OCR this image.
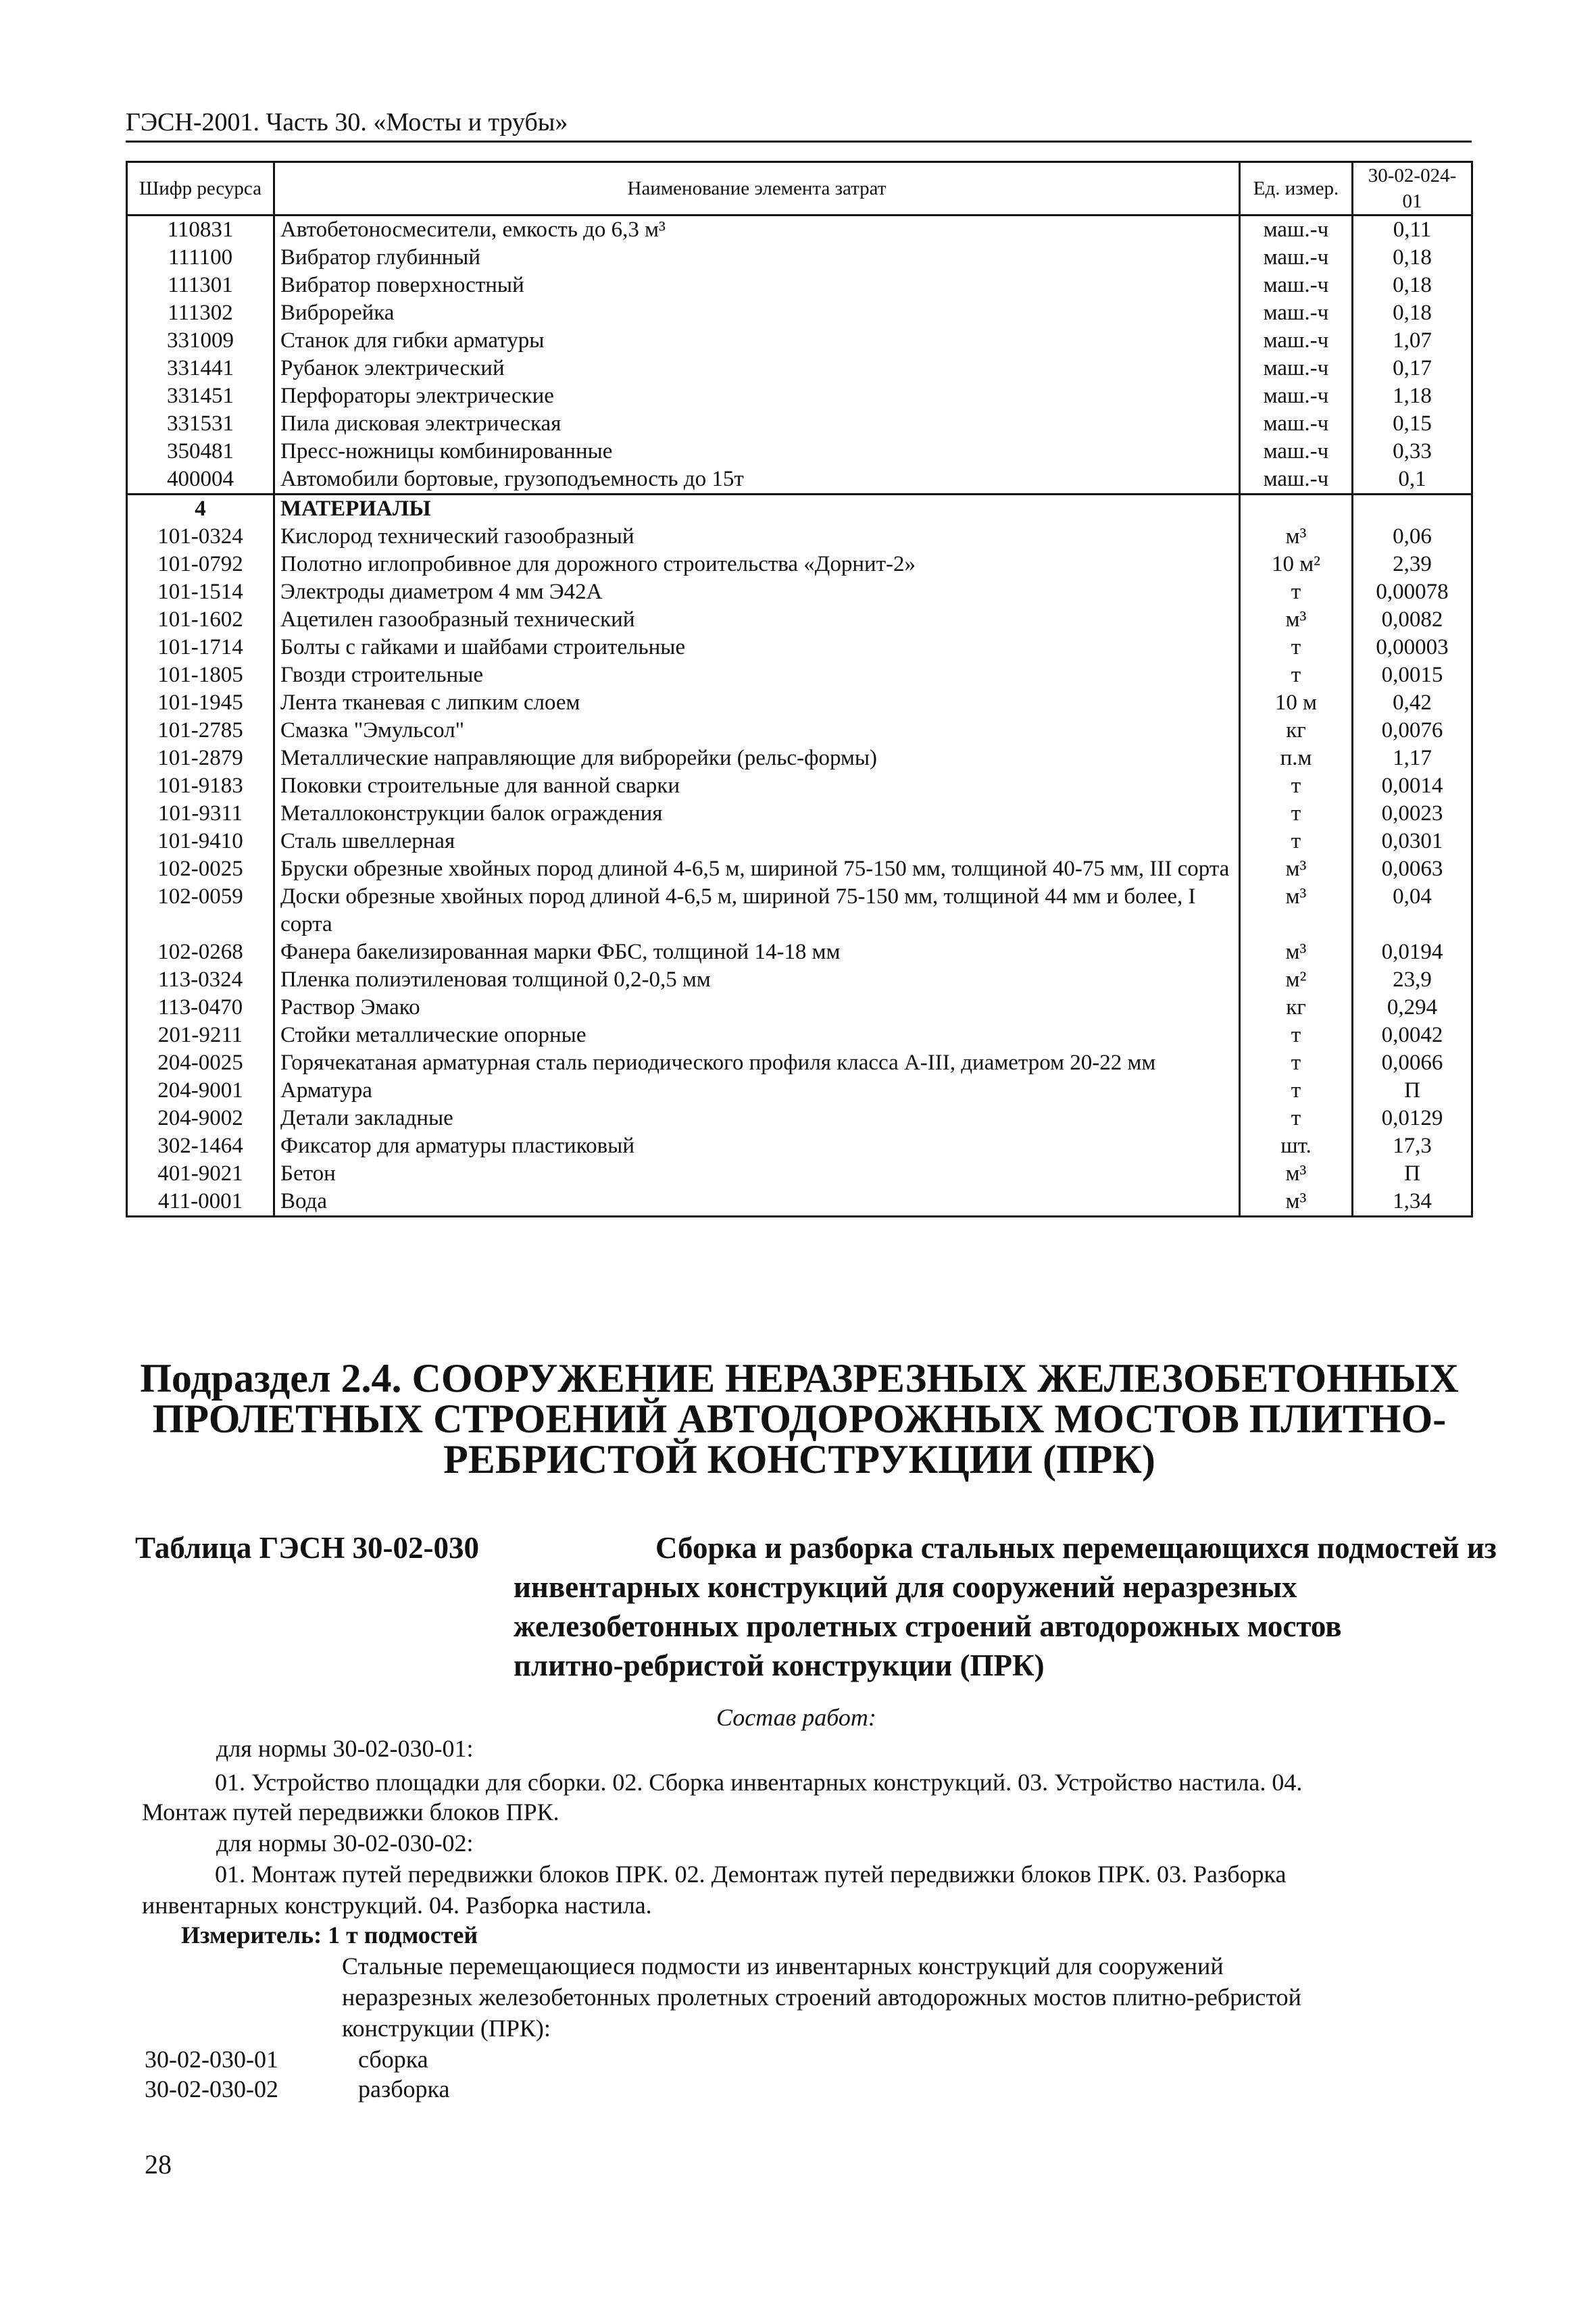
ГЭСН-2001. Часть 30. «Мосты и трубы»
Шифр ресурса	Наименование элемента затрат	Ед. измер.	30-02-024-01
110831	Автобетоносмесители, емкость до 6,3 м³	маш.-ч	0,11
111100	Вибратор глубинный	маш.-ч	0,18
111301	Вибратор поверхностный	маш.-ч	0,18
111302	Виброрейка	маш.-ч	0,18
331009	Станок для гибки арматуры	маш.-ч	1,07
331441	Рубанок электрический	маш.-ч	0,17
331451	Перфораторы электрические	маш.-ч	1,18
331531	Пила дисковая электрическая	маш.-ч	0,15
350481	Пресс-ножницы комбинированные	маш.-ч	0,33
400004	Автомобили бортовые, грузоподъемность до 15т	маш.-ч	0,1
4	МАТЕРИАЛЫ		
101-0324	Кислород технический газообразный	м³	0,06
101-0792	Полотно иглопробивное для дорожного строительства «Дорнит-2»	10 м²	2,39
101-1514	Электроды диаметром 4 мм Э42А	т	0,00078
101-1602	Ацетилен газообразный технический	м³	0,0082
101-1714	Болты с гайками и шайбами строительные	т	0,00003
101-1805	Гвозди строительные	т	0,0015
101-1945	Лента тканевая с липким слоем	10 м	0,42
101-2785	Смазка "Эмульсол"	кг	0,0076
101-2879	Металлические направляющие для виброрейки (рельс-формы)	п.м	1,17
101-9183	Поковки строительные для ванной сварки	т	0,0014
101-9311	Металлоконструкции балок ограждения	т	0,0023
101-9410	Сталь швеллерная	т	0,0301
102-0025	Бруски обрезные хвойных пород длиной 4-6,5 м, шириной 75-150 мм, толщиной 40-75 мм, III сорта	м³	0,0063
102-0059	Доски обрезные хвойных пород длиной 4-6,5 м, шириной 75-150 мм, толщиной 44 мм и более, I сорта	м³	0,04
102-0268	Фанера бакелизированная марки ФБС, толщиной 14-18 мм	м³	0,0194
113-0324	Пленка полиэтиленовая толщиной 0,2-0,5 мм	м²	23,9
113-0470	Раствор Эмако	кг	0,294
201-9211	Стойки металлические опорные	т	0,0042
204-0025	Горячекатаная арматурная сталь периодического профиля класса А-III, диаметром 20-22 мм	т	0,0066
204-9001	Арматура	т	П
204-9002	Детали закладные	т	0,0129
302-1464	Фиксатор для арматуры пластиковый	шт.	17,3
401-9021	Бетон	м³	П
411-0001	Вода	м³	1,34
Подраздел 2.4. СООРУЖЕНИЕ НЕРАЗРЕЗНЫХ ЖЕЛЕЗОБЕТОННЫХ
ПРОЛЕТНЫХ СТРОЕНИЙ АВТОДОРОЖНЫХ МОСТОВ ПЛИТНО-
РЕБРИСТОЙ КОНСТРУКЦИИ (ПРК)
Таблица ГЭСН 30-02-030	Сборка и разборка стальных перемещающихся подмостей из
инвентарных конструкций для сооружений неразрезных
железобетонных пролетных строений автодорожных мостов
плитно-ребристой конструкции (ПРК)
Состав работ:
для нормы 30-02-030-01:
01. Устройство площадки для сборки. 02. Сборка инвентарных конструкций. 03. Устройство настила. 04.
Монтаж путей передвижки блоков ПРК.
для нормы 30-02-030-02:
01. Монтаж путей передвижки блоков ПРК. 02. Демонтаж путей передвижки блоков ПРК. 03. Разборка
инвентарных конструкций. 04. Разборка настила.
Измеритель: 1 т подмостей
Стальные перемещающиеся подмости из инвентарных конструкций для сооружений
неразрезных железобетонных пролетных строений автодорожных мостов плитно-ребристой
конструкции (ПРК):
30-02-030-01	сборка
30-02-030-02	разборка
28
